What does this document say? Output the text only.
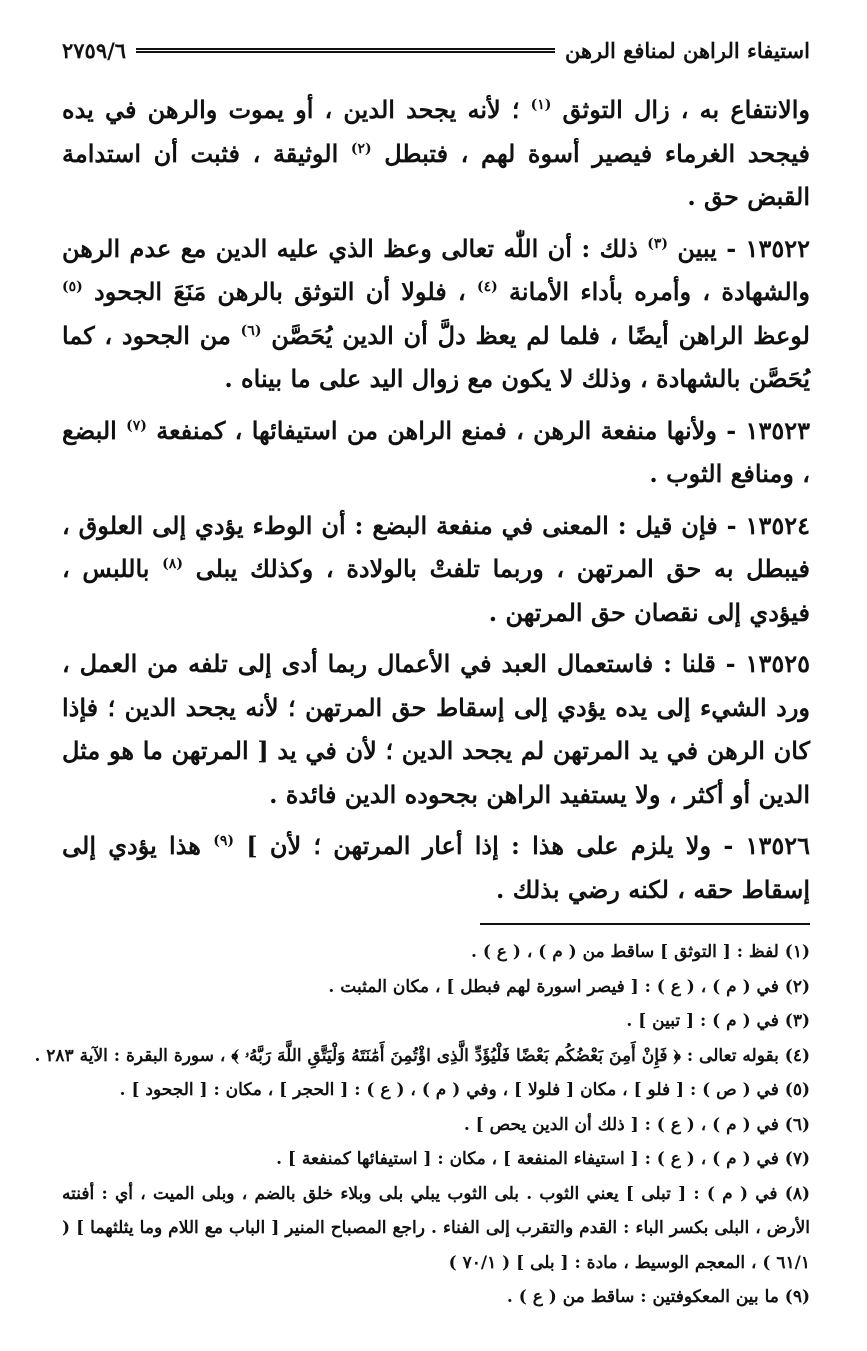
استيفاء الراهن لمنافع الرهن
٢٧٥٩/٦

والانتفاع به ، زال التوثق $^{(١)}$ ؛ لأنه يجحد الدين ، أو يموت والرهن في يده فيجحد الغرماء فيصير أسوة لهم ، فتبطل $^{(٢)}$ الوثيقة ، فثبت أن استدامة القبض حق .

١٣٥٢٢ - يبين $^{(٣)}$ ذلك : أن اللّٰه تعالى وعظ الذي عليه الدين مع عدم الرهن والشهادة ، وأمره بأداء الأمانة $^{(٤)}$ ، فلولا أن التوثق بالرهن مَنَعَ الجحود $^{(٥)}$ لوعظ الراهن أيضًا ، فلما لم يعظ دلَّ أن الدين يُحَصَّن $^{(٦)}$ من الجحود ، كما يُحَصَّن بالشهادة ، وذلك لا يكون مع زوال اليد على ما بيناه .

١٣٥٢٣ - ولأنها منفعة الرهن ، فمنع الراهن من استيفائها ، كمنفعة $^{(٧)}$ البضع ، ومنافع الثوب .

١٣٥٢٤ - فإن قيل : المعنى في منفعة البضع : أن الوطء يؤدي إلى العلوق ، فيبطل به حق المرتهن ، وربما تلفتْ بالولادة ، وكذلك يبلى $^{(٨)}$ باللبس ، فيؤدي إلى نقصان حق المرتهن .

١٣٥٢٥ - قلنا : فاستعمال العبد في الأعمال ربما أدى إلى تلفه من العمل ، ورد الشيء إلى يده يؤدي إلى إسقاط حق المرتهن ؛ لأنه يجحد الدين ؛ فإذا كان الرهن في يد المرتهن لم يجحد الدين ؛ لأن في يد [ المرتهن ما هو مثل الدين أو أكثر ، ولا يستفيد الراهن بجحوده الدين فائدة .

١٣٥٢٦ - ولا يلزم على هذا : إذا أعار المرتهن ؛ لأن ] $^{(٩)}$ هذا يؤدي إلى إسقاط حقه ، لكنه رضي بذلك .

(١) لفظ : [ التوثق ] ساقط من ( م ) ، ( ع ) .
(٢) في ( م ) ، ( ع ) : [ فيصر اسورة لهم فبطل ] ، مكان المثبت .
(٣) في ( م ) : [ تبين ] .
(٤) بقوله تعالى : ﴿ فَإِنْ أَمِنَ بَعْضُكُم بَعْضًا فَلْيُؤَدِّ الَّذِى اؤْتُمِنَ أَمَٰنَتَهُ وَلْيَتَّقِ اللَّهَ رَبَّهُۥ ﴾ ، سورة البقرة : الآية ٢٨٣ .
(٥) في ( ص ) : [ فلو ] ، مكان [ فلولا ] ، وفي ( م ) ، ( ع ) : [ الحجر ] ، مكان : [ الجحود ] .
(٦) في ( م ) ، ( ع ) : [ ذلك أن الدين يحص ] .
(٧) في ( م ) ، ( ع ) : [ استيفاء المنفعة ] ، مكان : [ استيفائها كمنفعة ] .
(٨) في ( م ) : [ تبلى ] يعني الثوب . بلى الثوب يبلي بلى وبلاء خلق بالضم ، وبلى الميت ، أي : أفنته الأرض ، البلى بكسر الباء : القدم والتقرب إلى الفناء . راجع المصباح المنير [ الباب مع اللام وما يثلثهما ] ( ٦١/١ ) ، المعجم الوسيط ، مادة : [ بلى ] ( ٧٠/١ )
(٩) ما بين المعكوفتين : ساقط من ( ع ) .
